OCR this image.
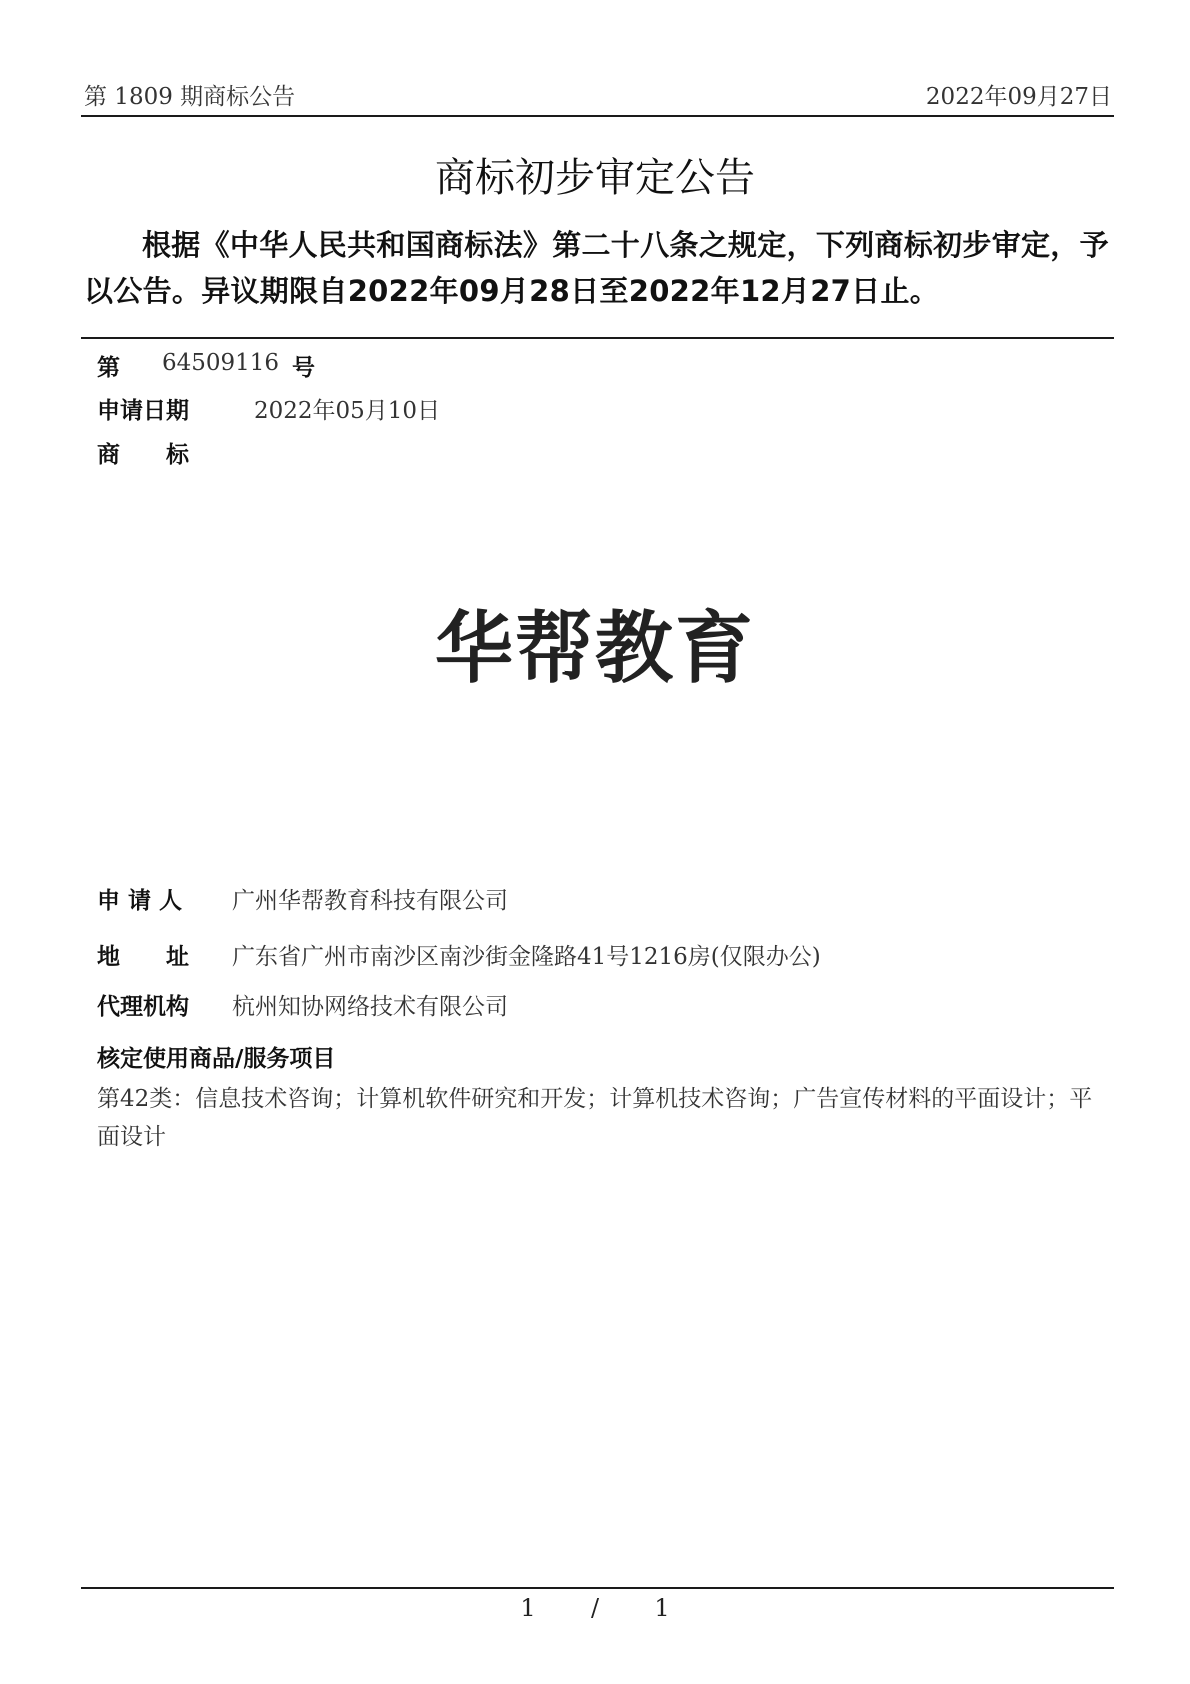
第 1809 期商标公告	2022年09月27日
商标初步审定公告
根据《中华人民共和国商标法》第二十八条之规定，下列商标初步审定，予以公告。异议期限自2022年09月28日至2022年12月27日止。
第 64509116 号
申请日期	2022年05月10日
商　　标
华帮教育
申 请 人 广州华帮教育科技有限公司
地　　址 广东省广州市南沙区南沙街金隆路41号1216房(仅限办公)
代理机构 杭州知协网络技术有限公司
核定使用商品/服务项目
第42类：信息技术咨询；计算机软件研究和开发；计算机技术咨询；广告宣传材料的平面设计；平面设计
1 / 1
